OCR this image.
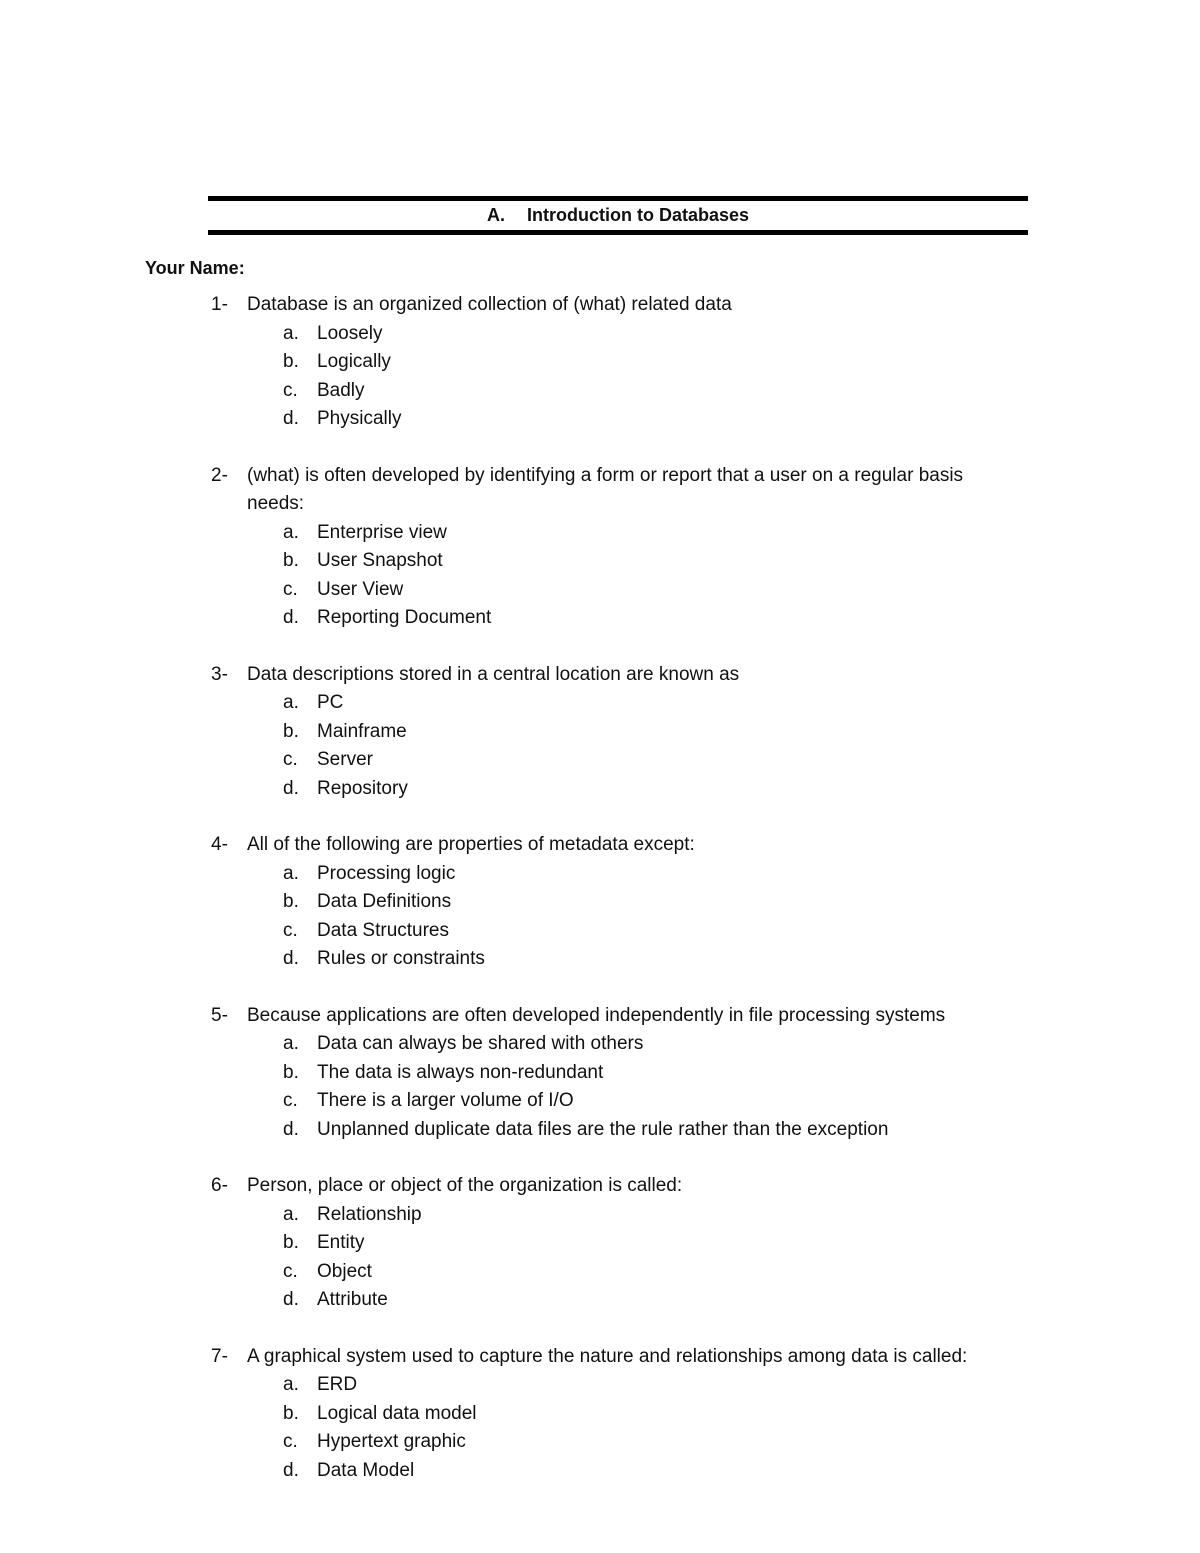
A. Introduction to Databases
Your Name:
1- Database is an organized collection of (what) related data
a. Loosely
b. Logically
c. Badly
d. Physically
2- (what) is often developed by identifying a form or report that a user on a regular basis needs:
a. Enterprise view
b. User Snapshot
c. User View
d. Reporting Document
3- Data descriptions stored in a central location are known as
a. PC
b. Mainframe
c. Server
d. Repository
4- All of the following are properties of metadata except:
a. Processing logic
b. Data Definitions
c. Data Structures
d. Rules or constraints
5- Because applications are often developed independently in file processing systems
a. Data can always be shared with others
b. The data is always non-redundant
c. There is a larger volume of I/O
d. Unplanned duplicate data files are the rule rather than the exception
6- Person, place or object of the organization is called:
a. Relationship
b. Entity
c. Object
d. Attribute
7- A graphical system used to capture the nature and relationships among data is called:
a. ERD
b. Logical data model
c. Hypertext graphic
d. Data Model
